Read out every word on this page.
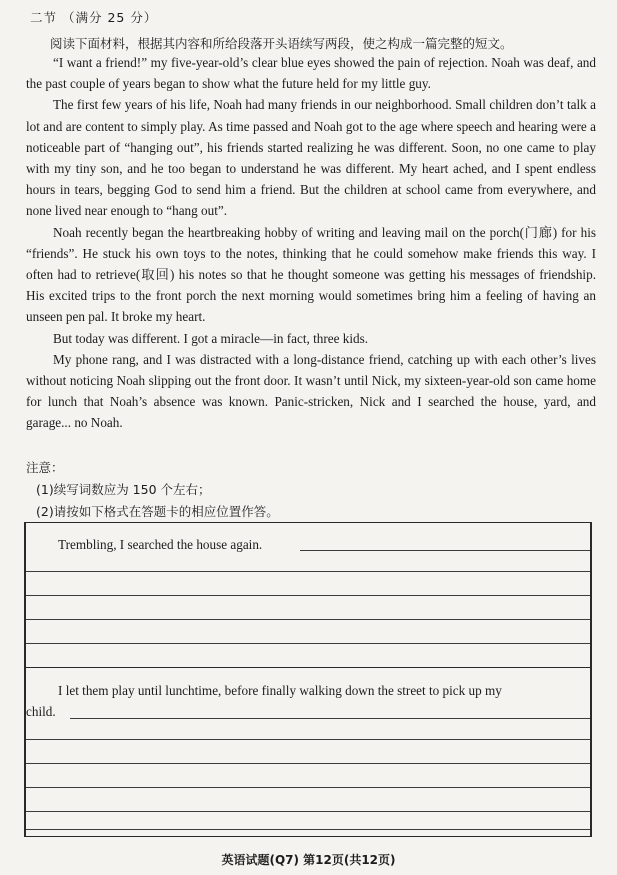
二节 （满分 25 分）
阅读下面材料，根据其内容和所给段落开头语续写两段，使之构成一篇完整的短文。

“I want a friend!” my five-year-old’s clear blue eyes showed the pain of rejection. Noah was deaf, and the past couple of years began to show what the future held for my little guy.

The first few years of his life, Noah had many friends in our neighborhood. Small children don’t talk a lot and are content to simply play. As time passed and Noah got to the age where speech and hearing were a noticeable part of “hanging out”, his friends started realizing he was different. Soon, no one came to play with my tiny son, and he too began to understand he was different. My heart ached, and I spent endless hours in tears, begging God to send him a friend. But the children at school came from everywhere, and none lived near enough to “hang out”.

Noah recently began the heartbreaking hobby of writing and leaving mail on the porch(门廊) for his “friends”. He stuck his own toys to the notes, thinking that he could somehow make friends this way. I often had to retrieve(取回) his notes so that he thought someone was getting his messages of friendship. His excited trips to the front porch the next morning would sometimes bring him a feeling of having an unseen pen pal. It broke my heart.

But today was different. I got a miracle—in fact, three kids.

My phone rang, and I was distracted with a long-distance friend, catching up with each other’s lives without noticing Noah slipping out the front door. It wasn’t until Nick, my sixteen-year-old son came home for lunch that Noah’s absence was known. Panic-stricken, Nick and I searched the house, yard, and garage... no Noah.

注意：
(1)续写词数应为 150 个左右；
(2)请按如下格式在答题卡的相应位置作答。
Trembling, I searched the house again.
I let them play until lunchtime, before finally walking down the street to pick up my
child.
英语试题(Q7) 第12页(共12页)
